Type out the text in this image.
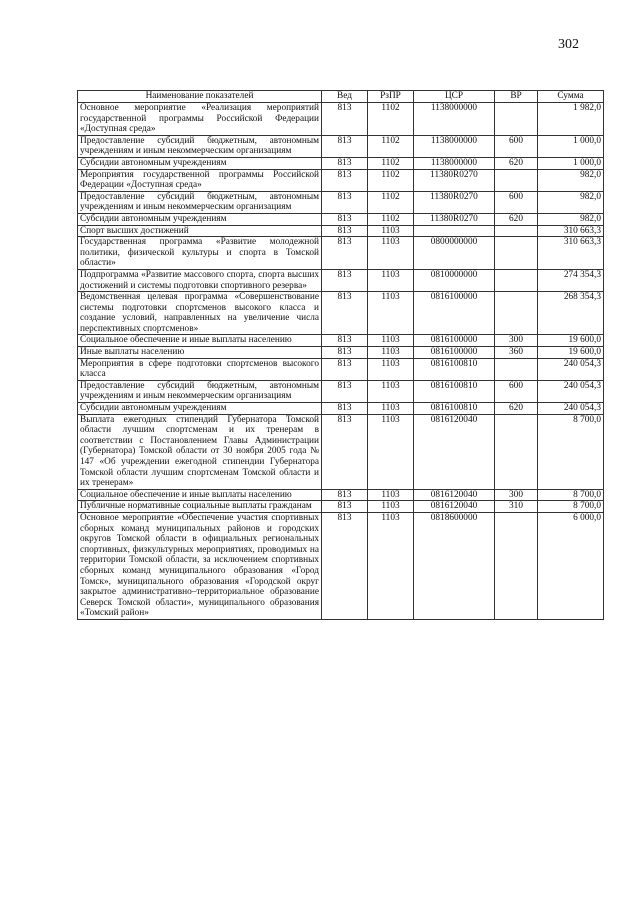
302
Наименование показателей	Вед	РзПР	ЦСР	ВР	Сумма
Основное мероприятие «Реализация мероприятий государственной программы Российской Федерации «Доступная среда»	813	1102	1138000000		1 982,0
Предоставление субсидий бюджетным, автономным учреждениям и иным некоммерческим организациям	813	1102	1138000000	600	1 000,0
Субсидии автономным учреждениям	813	1102	1138000000	620	1 000,0
Мероприятия государственной программы Российской Федерации «Доступная среда»	813	1102	11380R0270		982,0
Предоставление субсидий бюджетным, автономным учреждениям и иным некоммерческим организациям	813	1102	11380R0270	600	982,0
Субсидии автономным учреждениям	813	1102	11380R0270	620	982,0
Спорт высших достижений	813	1103			310 663,3
Государственная программа «Развитие молодежной политики, физической культуры и спорта в Томской области»	813	1103	0800000000		310 663,3
Подпрограмма «Развитие массового спорта, спорта высших достижений и системы подготовки спортивного резерва»	813	1103	0810000000		274 354,3
Ведомственная целевая программа «Совершенствование системы подготовки спортсменов высокого класса и создание условий, направленных на увеличение числа перспективных спортсменов»	813	1103	0816100000		268 354,3
Социальное обеспечение и иные выплаты населению	813	1103	0816100000	300	19 600,0
Иные выплаты населению	813	1103	0816100000	360	19 600,0
Мероприятия в сфере подготовки спортсменов высокого класса	813	1103	0816100810		240 054,3
Предоставление субсидий бюджетным, автономным учреждениям и иным некоммерческим организациям	813	1103	0816100810	600	240 054,3
Субсидии автономным учреждениям	813	1103	0816100810	620	240 054,3
Выплата ежегодных стипендий Губернатора Томской области лучшим спортсменам и их тренерам в соответствии с Постановлением Главы Администрации (Губернатора) Томской области от 30 ноября 2005 года № 147 «Об учреждении ежегодной стипендии Губернатора Томской области лучшим спортсменам Томской области и их тренерам»	813	1103	0816120040		8 700,0
Социальное обеспечение и иные выплаты населению	813	1103	0816120040	300	8 700,0
Публичные нормативные социальные выплаты гражданам	813	1103	0816120040	310	8 700,0
Основное мероприятие «Обеспечение участия спортивных сборных команд муниципальных районов и городских округов Томской области в официальных региональных спортивных, физкультурных мероприятиях, проводимых на территории Томской области, за исключением спортивных сборных команд муниципального образования «Город Томск», муниципального образования «Городской округ закрытое административно–территориальное образование Северск Томской области», муниципального образования «Томский район»	813	1103	0818600000		6 000,0
